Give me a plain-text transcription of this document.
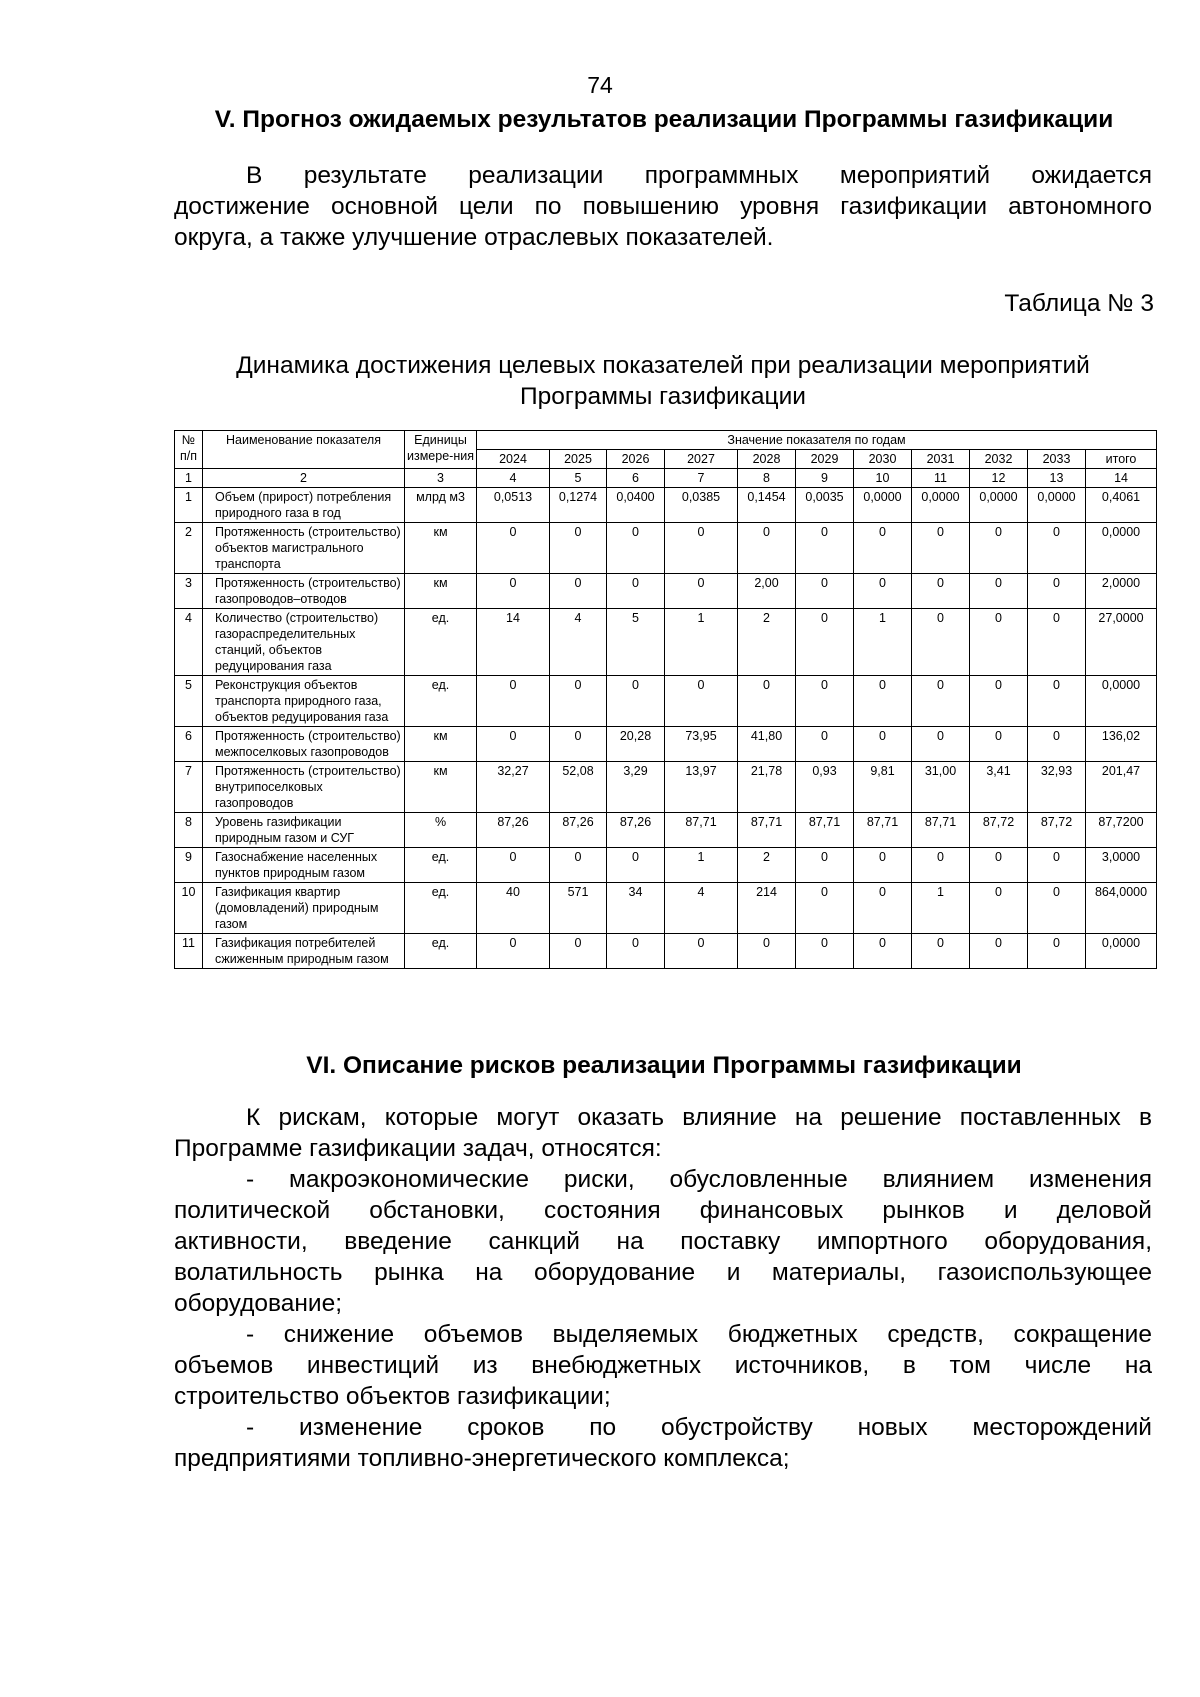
74
V. Прогноз ожидаемых результатов реализации Программы газификации
В результате реализации программных мероприятий ожидается
достижение основной цели по повышению уровня газификации автономного
округа, а также улучшение отраслевых показателей.
Таблица № 3
Динамика достижения целевых показателей при реализации мероприятий
Программы газификации
№ п/п	Наименование показателя	Единицы измере-ния	Значение показателя по годам										
			2024	2025	2026	2027	2028	2029	2030	2031	2032	2033	итого
1	2	3	4	5	6	7	8	9	10	11	12	13	14
1	Объем (прирост) потребления природного газа в год	млрд м3	0,0513	0,1274	0,0400	0,0385	0,1454	0,0035	0,0000	0,0000	0,0000	0,0000	0,4061
2	Протяженность (строительство) объектов магистрального транспорта	км	0	0	0	0	0	0	0	0	0	0	0,0000
3	Протяженность (строительство) газопроводов–отводов	км	0	0	0	0	2,00	0	0	0	0	0	2,0000
4	Количество (строительство) газораспределительных станций, объектов редуцирования газа	ед.	14	4	5	1	2	0	1	0	0	0	27,0000
5	Реконструкция объектов транспорта природного газа, объектов редуцирования газа	ед.	0	0	0	0	0	0	0	0	0	0	0,0000
6	Протяженность (строительство) межпоселковых газопроводов	км	0	0	20,28	73,95	41,80	0	0	0	0	0	136,02
7	Протяженность (строительство) внутрипоселковых газопроводов	км	32,27	52,08	3,29	13,97	21,78	0,93	9,81	31,00	3,41	32,93	201,47
8	Уровень газификации природным газом и СУГ	%	87,26	87,26	87,26	87,71	87,71	87,71	87,71	87,71	87,72	87,72	87,7200
9	Газоснабжение населенных пунктов природным газом	ед.	0	0	0	1	2	0	0	0	0	0	3,0000
10	Газификация квартир (домовладений) природным газом	ед.	40	571	34	4	214	0	0	1	0	0	864,0000
11	Газификация потребителей сжиженным природным газом	ед.	0	0	0	0	0	0	0	0	0	0	0,0000
VI. Описание рисков реализации Программы газификации
К рискам, которые могут оказать влияние на решение поставленных в
Программе газификации задач, относятся:
- макроэкономические риски, обусловленные влиянием изменения
политической обстановки, состояния финансовых рынков и деловой
активности, введение санкций на поставку импортного оборудования,
волатильность рынка на оборудование и материалы, газоиспользующее
оборудование;
- снижение объемов выделяемых бюджетных средств, сокращение
объемов инвестиций из внебюджетных источников, в том числе на
строительство объектов газификации;
- изменение сроков по обустройству новых месторождений
предприятиями топливно-энергетического комплекса;
